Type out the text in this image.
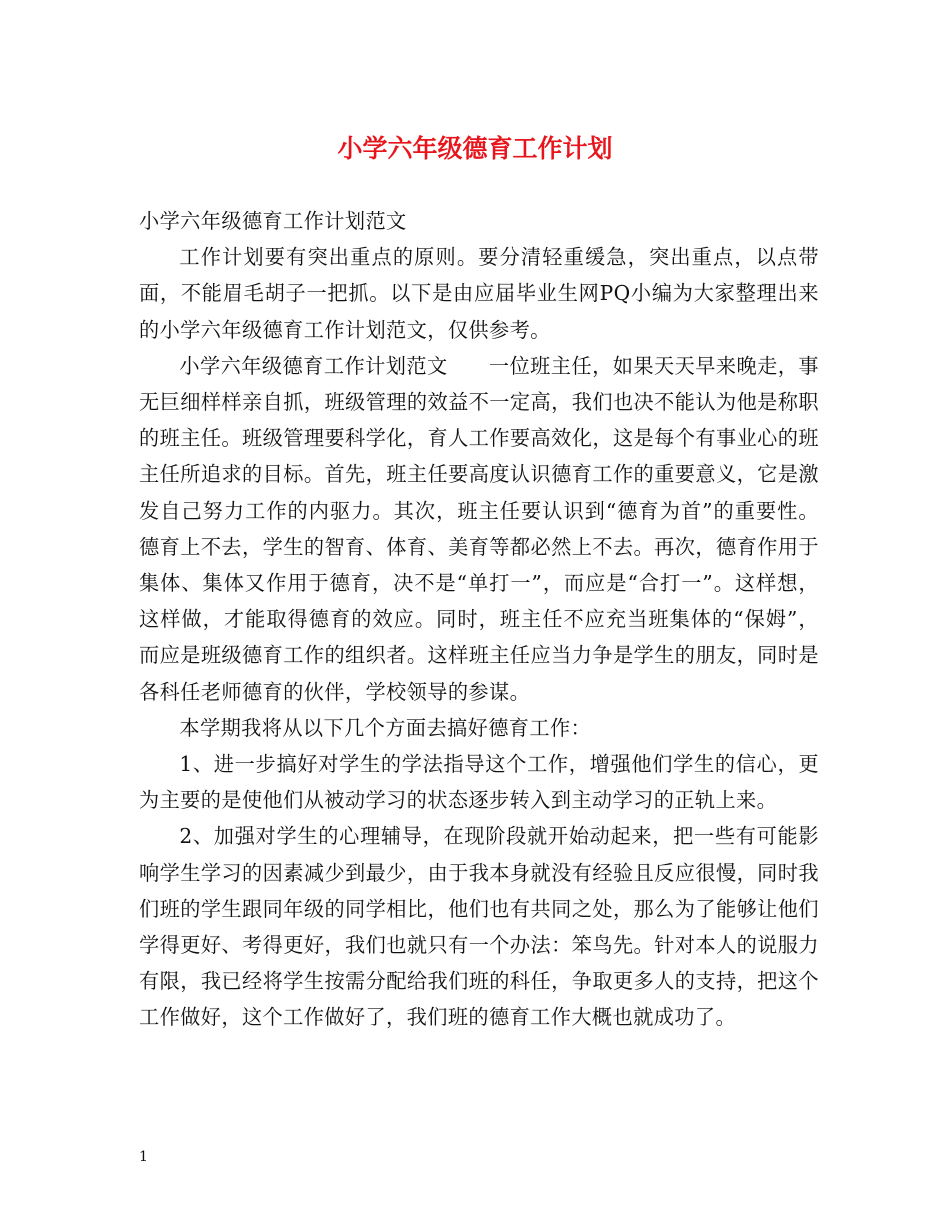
小学六年级德育工作计划

小学六年级德育工作计划范文

工作计划要有突出重点的原则。要分清轻重缓急，突出重点，以点带面，不能眉毛胡子一把抓。以下是由应届毕业生网PQ小编为大家整理出来的小学六年级德育工作计划范文，仅供参考。

小学六年级德育工作计划范文　　一位班主任，如果天天早来晚走，事无巨细样样亲自抓，班级管理的效益不一定高，我们也决不能认为他是称职的班主任。班级管理要科学化，育人工作要高效化，这是每个有事业心的班主任所追求的目标。首先，班主任要高度认识德育工作的重要意义，它是激发自己努力工作的内驱力。其次，班主任要认识到“德育为首”的重要性。德育上不去，学生的智育、体育、美育等都必然上不去。再次，德育作用于集体、集体又作用于德育，决不是“单打一”，而应是“合打一”。这样想，这样做，才能取得德育的效应。同时，班主任不应充当班集体的“保姆”，而应是班级德育工作的组织者。这样班主任应当力争是学生的朋友，同时是各科任老师德育的伙伴，学校领导的参谋。

本学期我将从以下几个方面去搞好德育工作：

1、进一步搞好对学生的学法指导这个工作，增强他们学生的信心，更为主要的是使他们从被动学习的状态逐步转入到主动学习的正轨上来。

2、加强对学生的心理辅导，在现阶段就开始动起来，把一些有可能影响学生学习的因素减少到最少，由于我本身就没有经验且反应很慢，同时我们班的学生跟同年级的同学相比，他们也有共同之处，那么为了能够让他们学得更好、考得更好，我们也就只有一个办法：笨鸟先。针对本人的说服力有限，我已经将学生按需分配给我们班的科任，争取更多人的支持，把这个工作做好，这个工作做好了，我们班的德育工作大概也就成功了。

1
